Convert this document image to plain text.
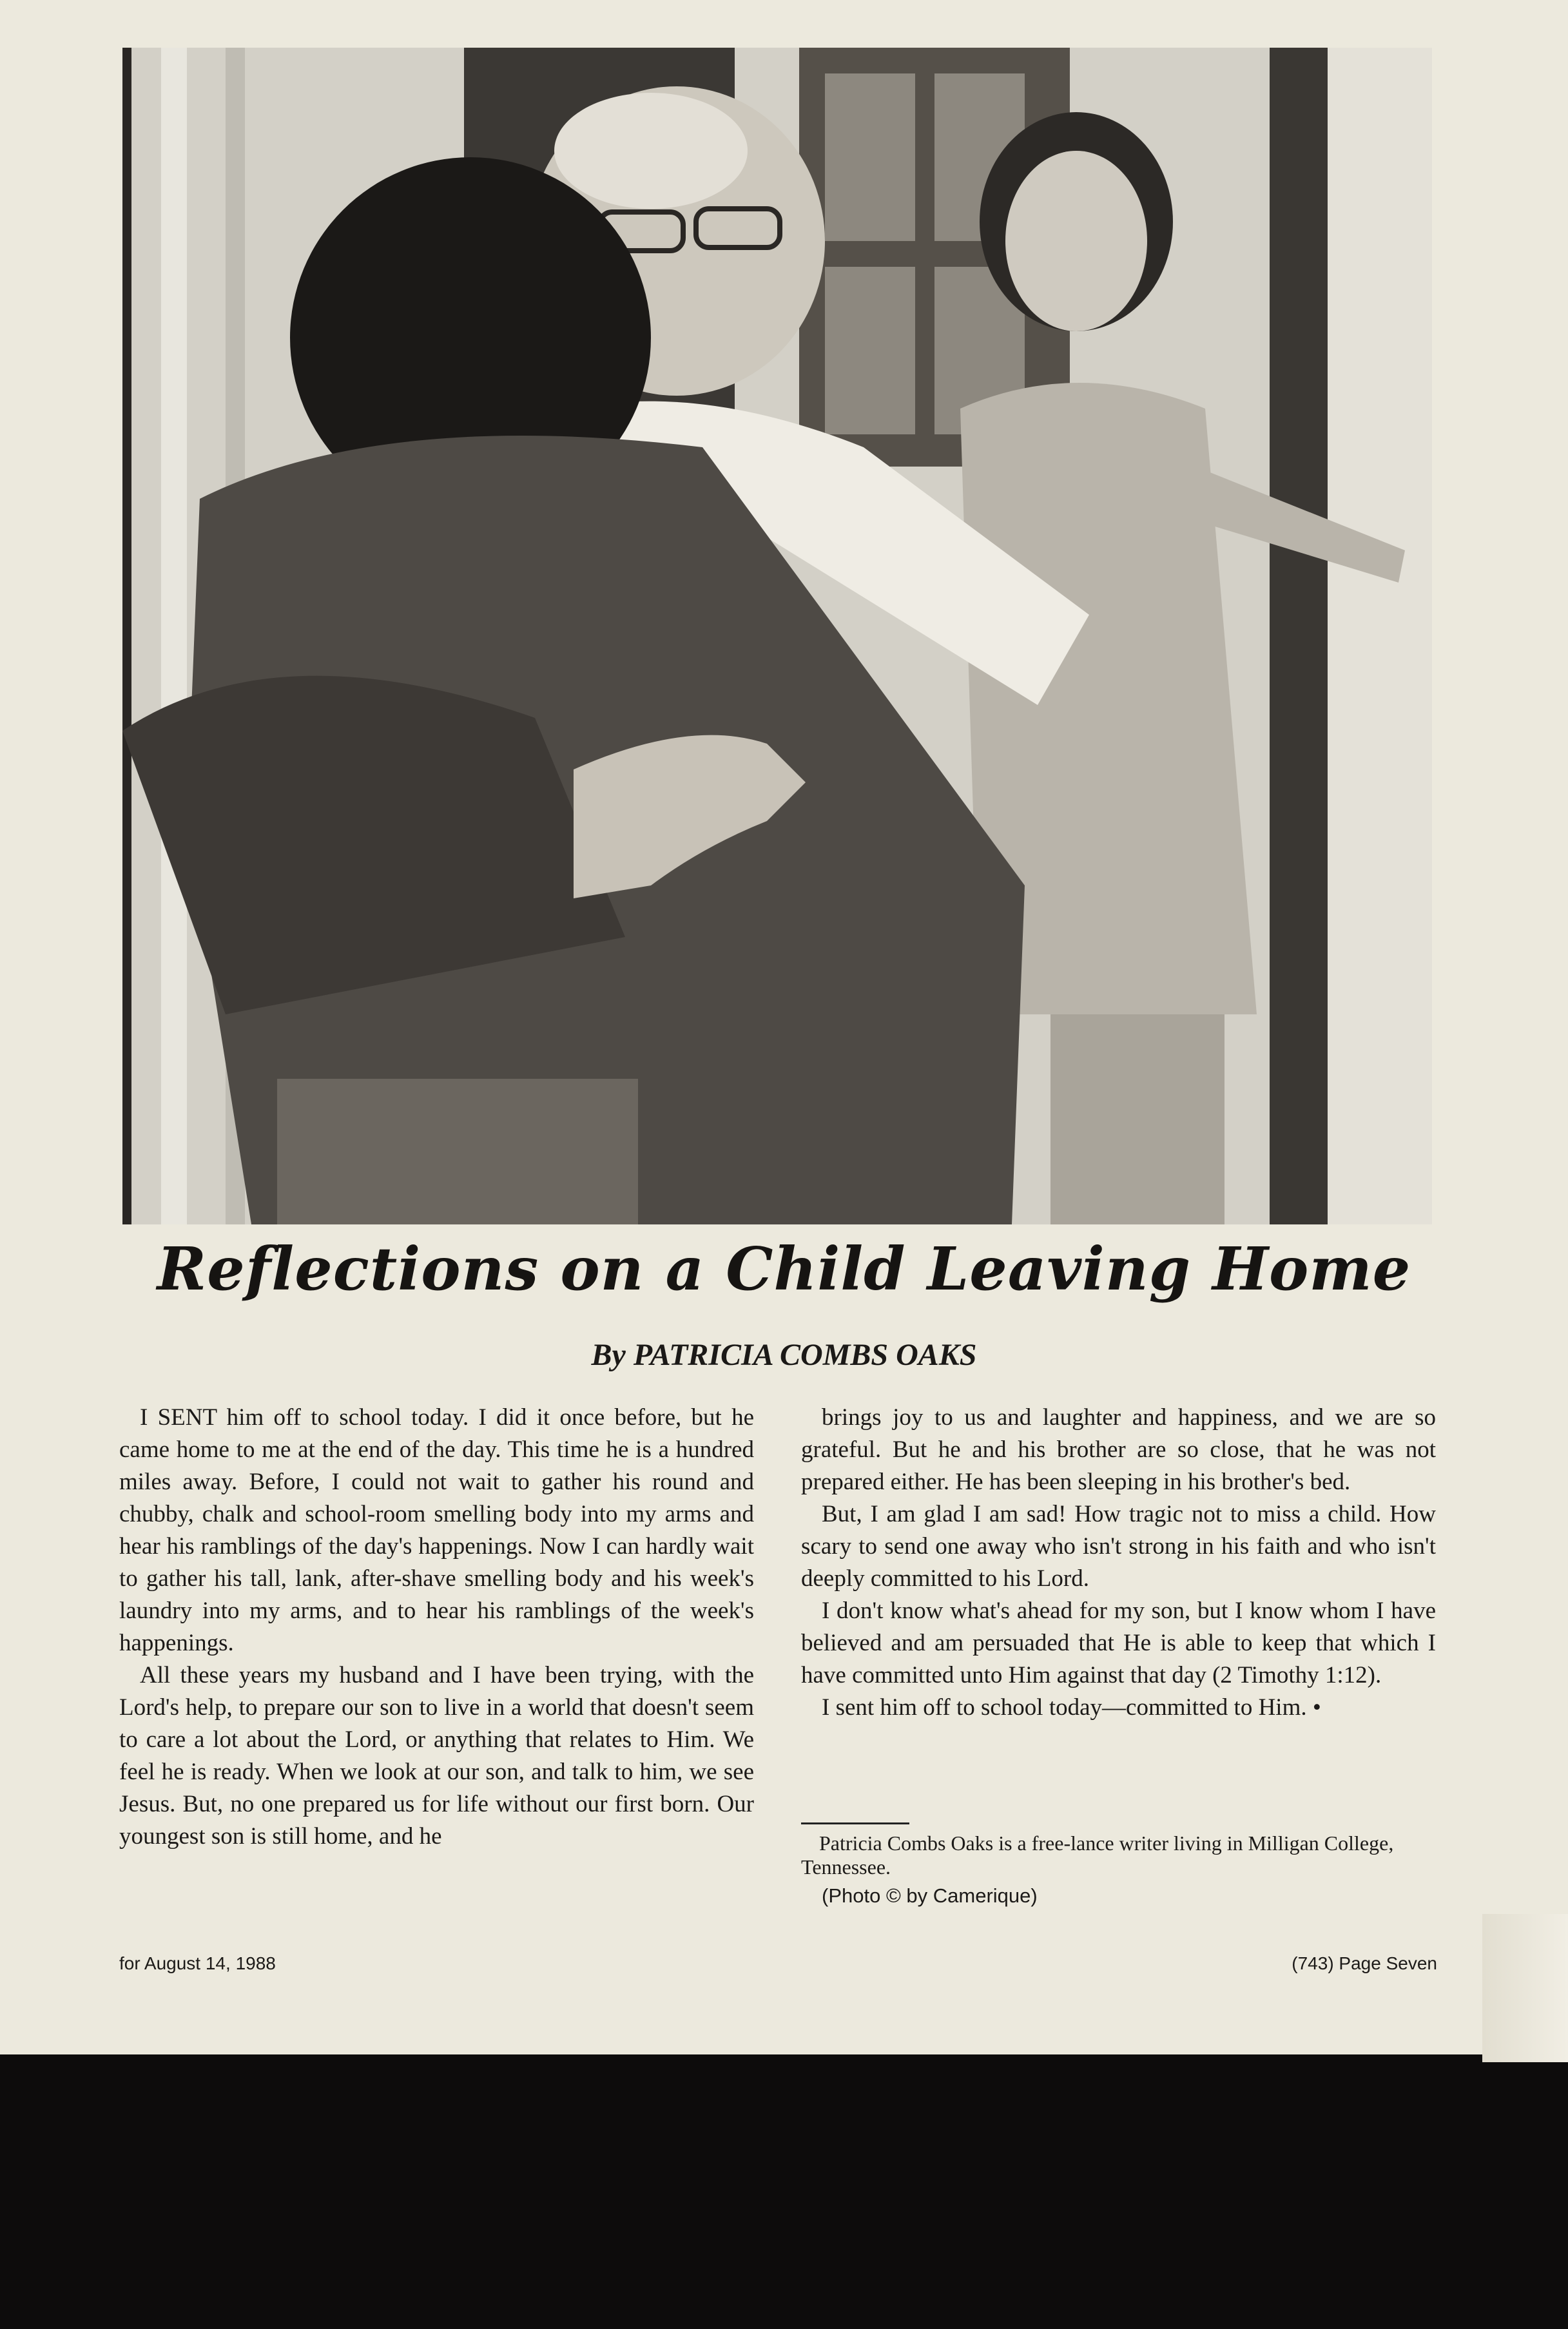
Reflections on a Child Leaving Home
By PATRICIA COMBS OAKS

I SENT him off to school today. I did it once before, but he came home to me at the end of the day. This time he is a hundred miles away. Before, I could not wait to gather his round and chubby, chalk and school-room smelling body into my arms and hear his ramblings of the day's happenings. Now I can hardly wait to gather his tall, lank, after-shave smelling body and his week's laundry into my arms, and to hear his ramblings of the week's happenings.

All these years my husband and I have been trying, with the Lord's help, to prepare our son to live in a world that doesn't seem to care a lot about the Lord, or anything that relates to Him. We feel he is ready. When we look at our son, and talk to him, we see Jesus. But, no one prepared us for life without our first born. Our youngest son is still home, and he

brings joy to us and laughter and happiness, and we are so grateful. But he and his brother are so close, that he was not prepared either. He has been sleeping in his brother's bed.

But, I am glad I am sad! How tragic not to miss a child. How scary to send one away who isn't strong in his faith and who isn't deeply committed to his Lord.

I don't know what's ahead for my son, but I know whom I have believed and am persuaded that He is able to keep that which I have committed unto Him against that day (2 Timothy 1:12).

I sent him off to school today—committed to Him. •

Patricia Combs Oaks is a free-lance writer living in Milligan College, Tennessee.
(Photo © by Camerique)
for August 14, 1988	(743) Page Seven
